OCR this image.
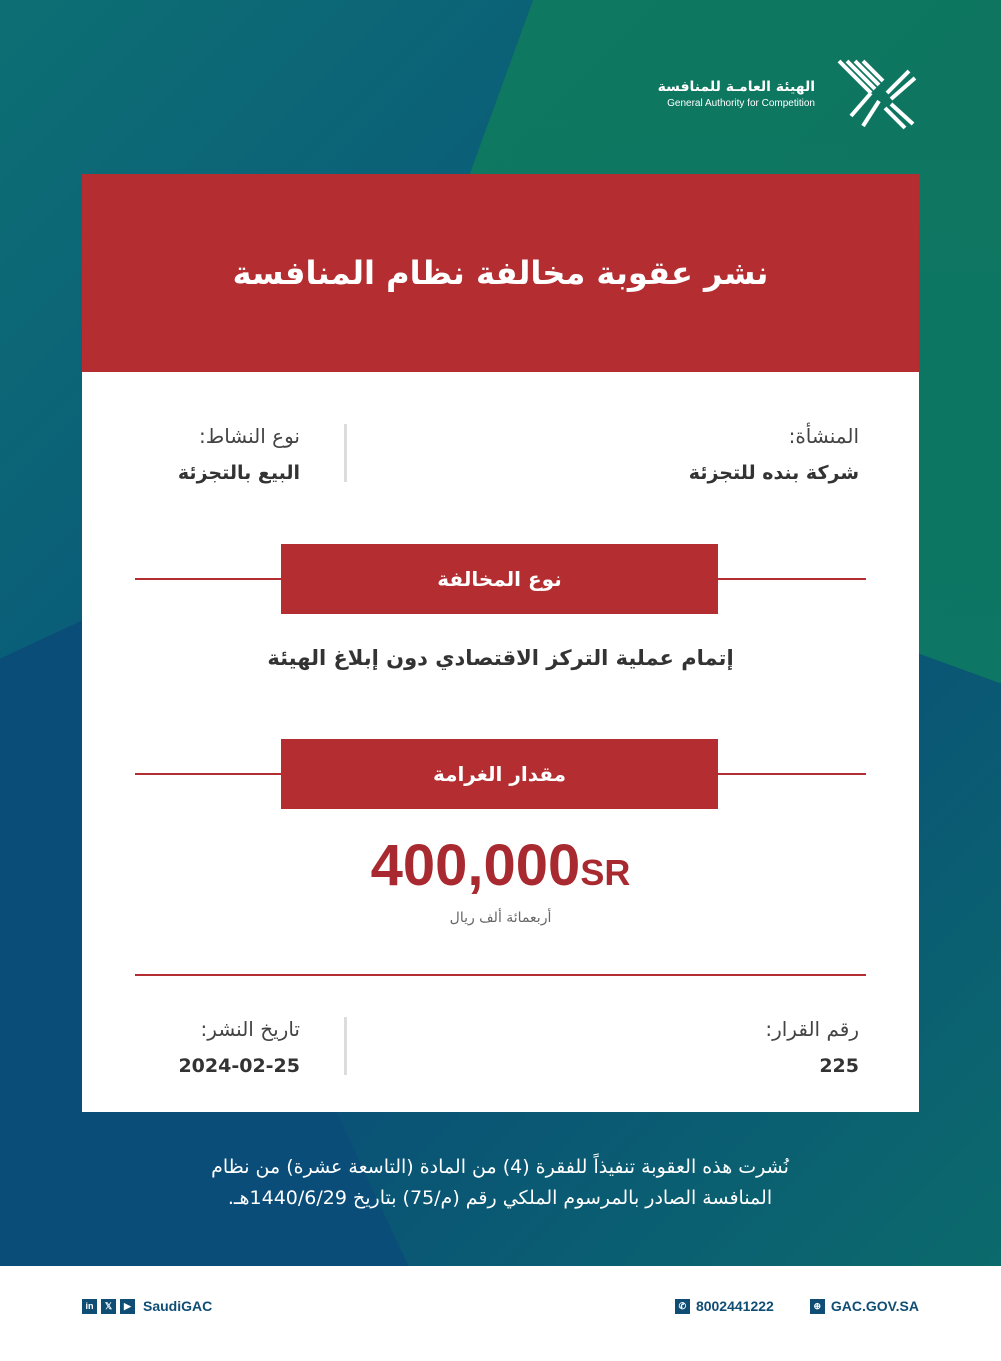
الهيئة العامـة للمنافسة
General Authority for Competition
نُشرت هذه العقوبة تنفيذاً للفقرة (4) من المادة (التاسعة عشرة) من نظام
المنافسة الصادر بالمرسوم الملكي رقم (م/75) بتاريخ 1440/6/29هـ.
نشر عقوبة مخالفة نظام المنافسة
المنشأة:
شركة بنده للتجزئة
نوع النشاط:
البيع بالتجزئة
نوع المخالفة
إتمام عملية التركز الاقتصادي دون إبلاغ الهيئة
مقدار الغرامة
400,000SR
أربعمائة ألف ريال
رقم القرار:
225
تاريخ النشر:
2024-02-25
in	𝕏	▶ SaudiGAC	✆ 8002441222	⊕ GAC.GOV.SA
